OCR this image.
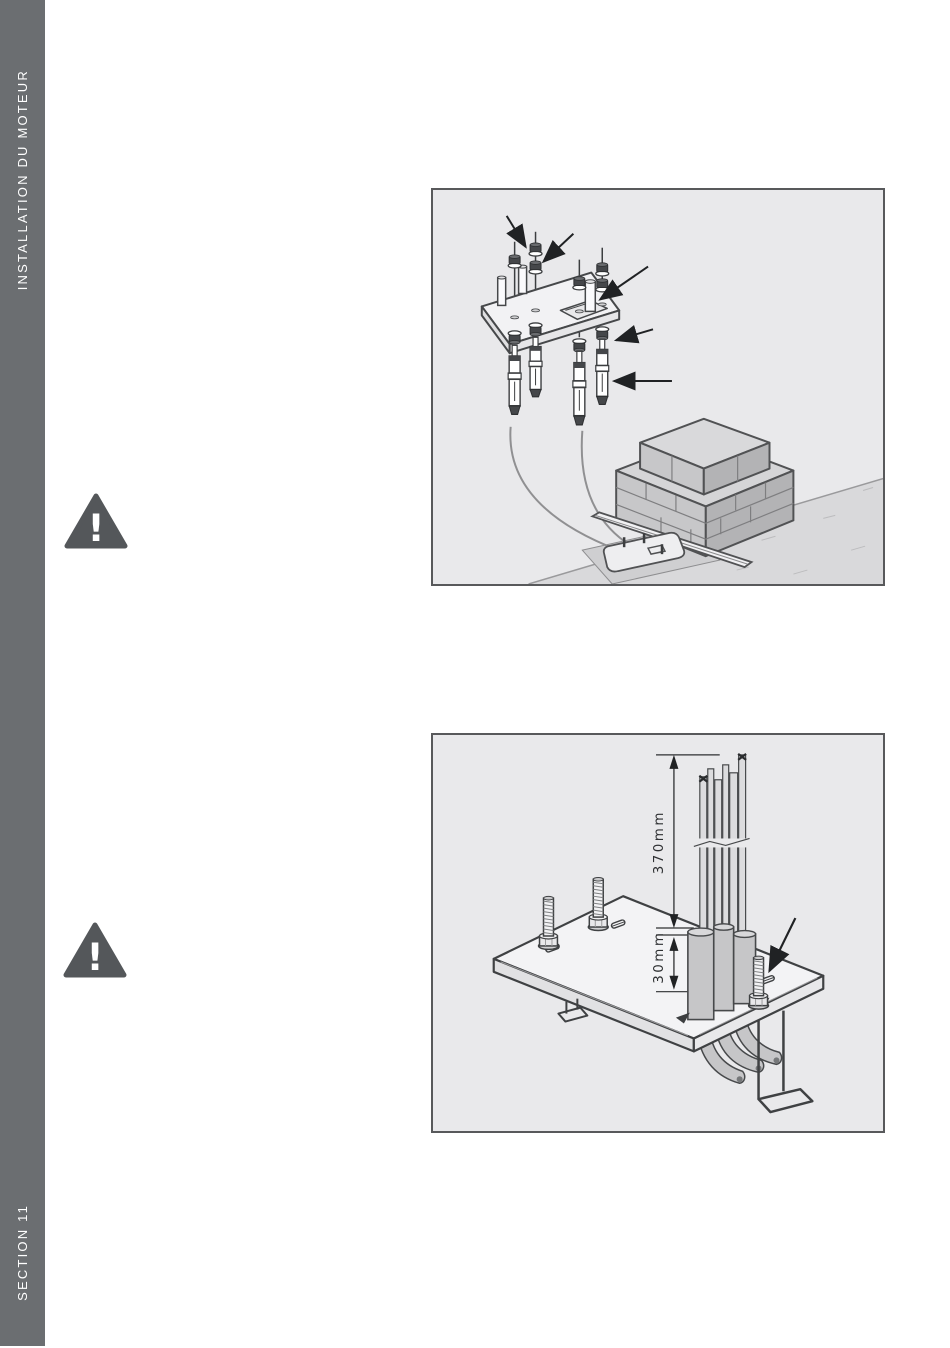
INSTALLATION DU MOTEUR
SECTION 11
!
!
370mm
30mm
